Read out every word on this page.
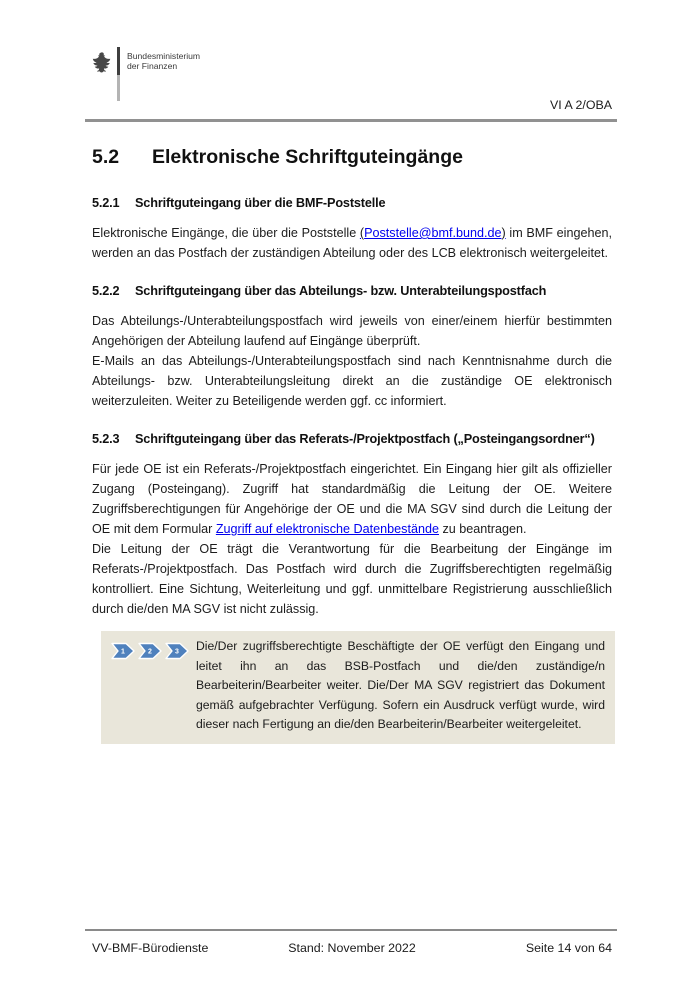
Bundesministerium
der Finanzen
VI A 2/OBA
5.2	Elektronische Schriftguteingänge
5.2.1	Schriftguteingang über die BMF-Poststelle

Elektronische Eingänge, die über die Poststelle (Poststelle@bmf.bund.de) im BMF eingehen, werden an das Postfach der zuständigen Abteilung oder des LCB elektronisch weitergeleitet.

5.2.2	Schriftguteingang über das Abteilungs- bzw. Unterabteilungspostfach

Das Abteilungs-/Unterabteilungspostfach wird jeweils von einer/einem hierfür bestimmten Angehörigen der Abteilung laufend auf Eingänge überprüft.

E-Mails an das Abteilungs-/Unterabteilungspostfach sind nach Kenntnisnahme durch die Abteilungs- bzw. Unterabteilungsleitung direkt an die zuständige OE elektronisch weiterzuleiten. Weiter zu Beteiligende werden ggf. cc informiert.

5.2.3	Schriftguteingang über das Referats-/Projektpostfach („Posteingangsordner“)

Für jede OE ist ein Referats-/Projektpostfach eingerichtet. Ein Eingang hier gilt als offizieller Zugang (Posteingang). Zugriff hat standardmäßig die Leitung der OE. Weitere Zugriffsberechtigungen für Angehörige der OE und die MA SGV sind durch die Leitung der OE mit dem Formular Zugriff auf elektronische Datenbestände zu beantragen.

Die Leitung der OE trägt die Verantwortung für die Bearbeitung der Eingänge im Referats-/Projektpostfach. Das Postfach wird durch die Zugriffsberechtigten regelmäßig kontrolliert. Eine Sichtung, Weiterleitung und ggf. unmittelbare Registrierung ausschließlich durch die/den MA SGV ist nicht zulässig.

1	2	3 Die/Der zugriffsberechtigte Beschäftigte der OE verfügt den Eingang und leitet ihn an das BSB-Postfach und die/den zuständige/n Bearbeiterin/Bearbeiter weiter. Die/Der MA SGV registriert das Dokument gemäß aufgebrachter Verfügung. Sofern ein Ausdruck verfügt wurde, wird dieser nach Fertigung an die/den Bearbeiterin/Bearbeiter weitergeleitet.
VV-BMF-Bürodienste	Stand: November 2022	Seite 14 von 64
